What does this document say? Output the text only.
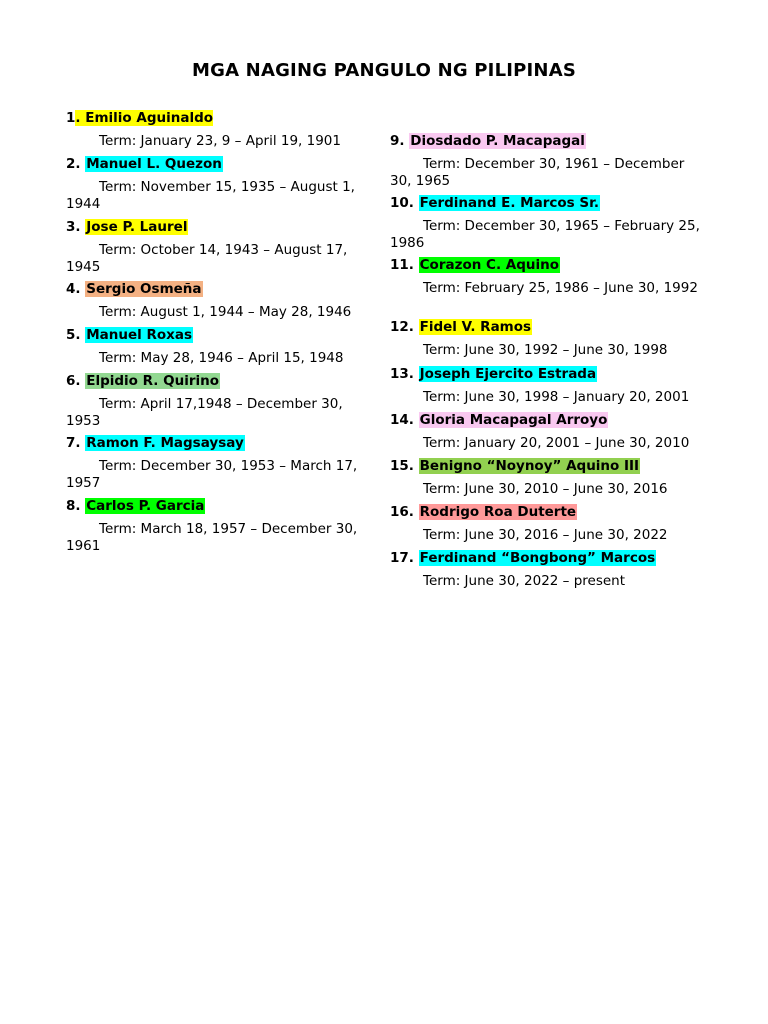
MGA NAGING PANGULO NG PILIPINAS
1. Emilio Aguinaldo
Term: January 23, 9 – April 19, 1901
2. Manuel L. Quezon
Term: November 15, 1935 – August 1, 1944
3. Jose P. Laurel
Term: October 14, 1943 – August 17, 1945
4. Sergio Osmeña
Term: August 1, 1944 – May 28, 1946
5. Manuel Roxas
Term: May 28, 1946 – April 15, 1948
6. Elpidio R. Quirino
Term: April 17,1948 – December 30, 1953
7. Ramon F. Magsaysay
Term: December 30, 1953 – March 17, 1957
8. Carlos P. Garcia
Term: March 18, 1957 – December 30, 1961
9. Diosdado P. Macapagal
Term: December 30, 1961 – December 30, 1965
10. Ferdinand E. Marcos Sr.
Term: December 30, 1965 – February 25, 1986
11. Corazon C. Aquino
Term: February 25, 1986 – June 30, 1992
12. Fidel V. Ramos
Term: June 30, 1992 – June 30, 1998
13. Joseph Ejercito Estrada
Term: June 30, 1998 – January 20, 2001
14. Gloria Macapagal Arroyo
Term: January 20, 2001 – June 30, 2010
15. Benigno “Noynoy” Aquino III
Term: June 30, 2010 – June 30, 2016
16. Rodrigo Roa Duterte
Term: June 30, 2016 – June 30, 2022
17. Ferdinand “Bongbong” Marcos
Term: June 30, 2022 – present
